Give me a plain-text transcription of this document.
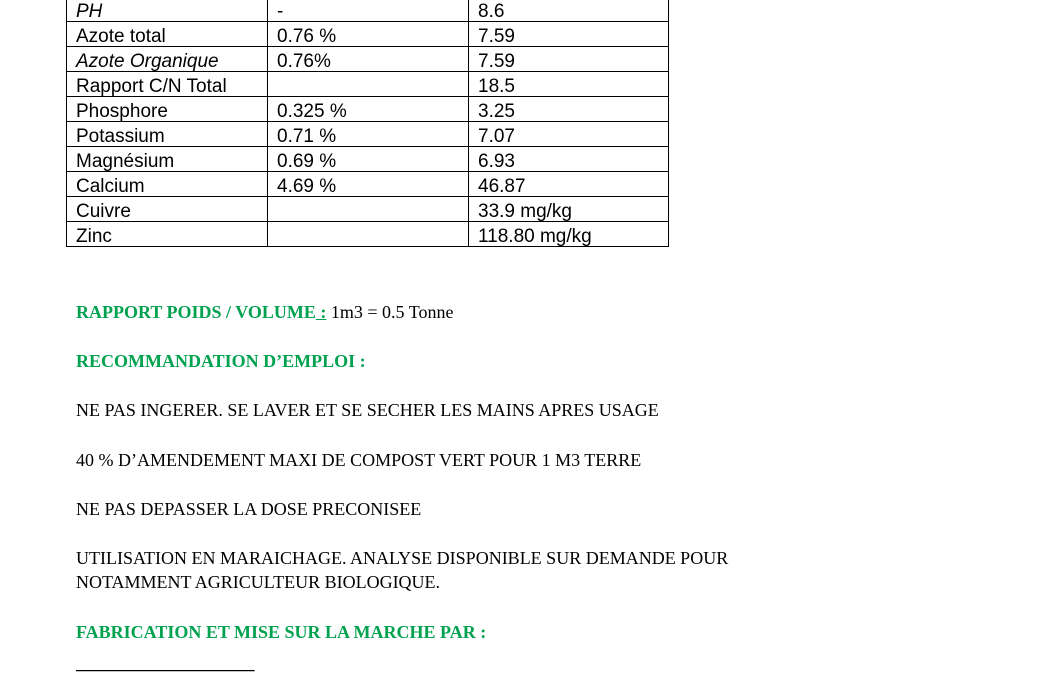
PH	-	8.6
Azote total	0.76 %	7.59
Azote Organique	0.76%	7.59
Rapport C/N Total		18.5
Phosphore	0.325 %	3.25
Potassium	0.71 %	7.07
Magnésium	0.69 %	6.93
Calcium	4.69 %	46.87
Cuivre		33.9 mg/kg
Zinc		118.80 mg/kg

RAPPORT POIDS / VOLUME : 1m3 = 0.5 Tonne

RECOMMANDATION D’EMPLOI :

NE PAS INGERER. SE LAVER ET SE SECHER LES MAINS APRES USAGE

40 % D’AMENDEMENT MAXI DE COMPOST VERT POUR 1 M3 TERRE

NE PAS DEPASSER LA DOSE PRECONISEE

UTILISATION EN MARAICHAGE. ANALYSE DISPONIBLE SUR DEMANDE POUR
NOTAMMENT AGRICULTEUR BIOLOGIQUE.

FABRICATION ET MISE SUR LA MARCHE PAR :

──────────────
